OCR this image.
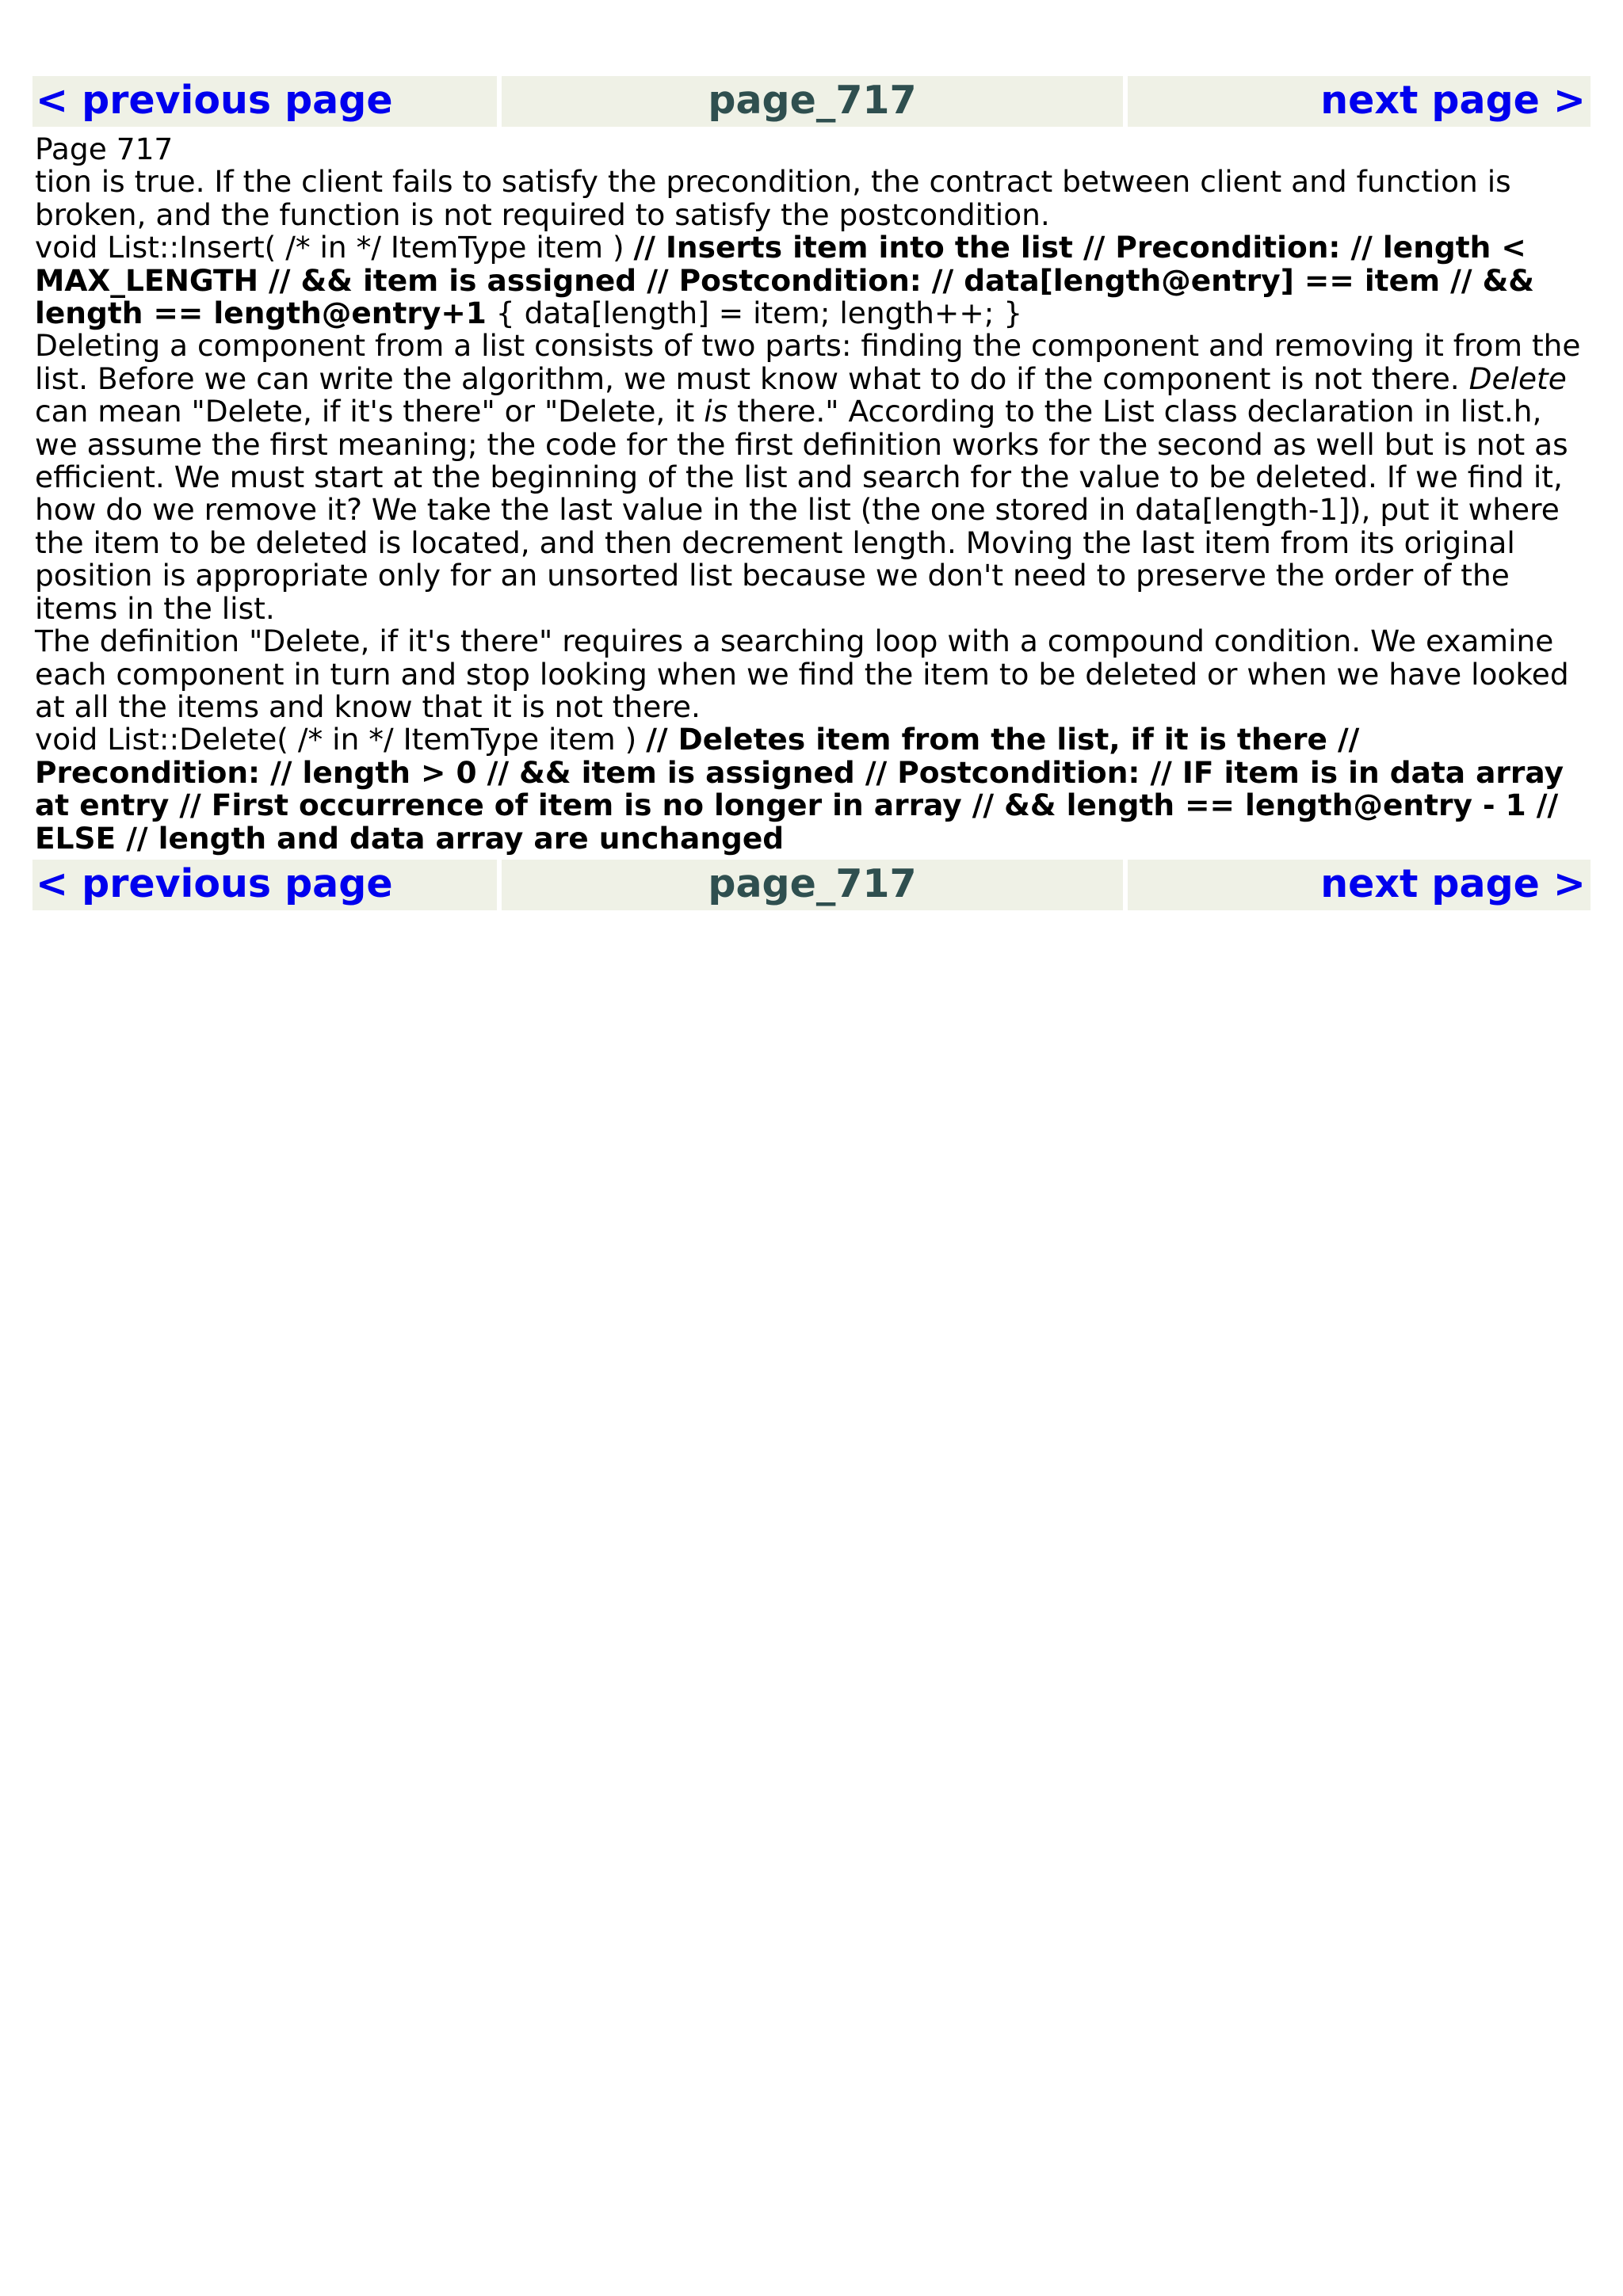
< previous page	page_717	next page >

Page 717

tion is true. If the client fails to satisfy the precondition, the contract between client and function is broken, and the function is not required to satisfy the postcondition.

void List::Insert( /* in */ ItemType item ) // Inserts item into the list // Precondition: // length < MAX_LENGTH // && item is assigned // Postcondition: // data[length@entry] == item // && length == length@entry+1 { data[length] = item; length++; }

Deleting a component from a list consists of two parts: finding the component and removing it from the list. Before we can write the algorithm, we must know what to do if the component is not there. Delete can mean "Delete, if it's there" or "Delete, it is there." According to the List class declaration in list.h, we assume the first meaning; the code for the first definition works for the second as well but is not as efficient. We must start at the beginning of the list and search for the value to be deleted. If we find it, how do we remove it? We take the last value in the list (the one stored in data[length-1]), put it where the item to be deleted is located, and then decrement length. Moving the last item from its original position is appropriate only for an unsorted list because we don't need to preserve the order of the items in the list.

The definition "Delete, if it's there" requires a searching loop with a compound condition. We examine each component in turn and stop looking when we find the item to be deleted or when we have looked at all the items and know that it is not there.

void List::Delete( /* in */ ItemType item ) // Deletes item from the list, if it is there // Precondition: // length > 0 // && item is assigned // Postcondition: // IF item is in data array at entry // First occurrence of item is no longer in array // && length == length@entry - 1 // ELSE // length and data array are unchanged

< previous page	page_717	next page >
